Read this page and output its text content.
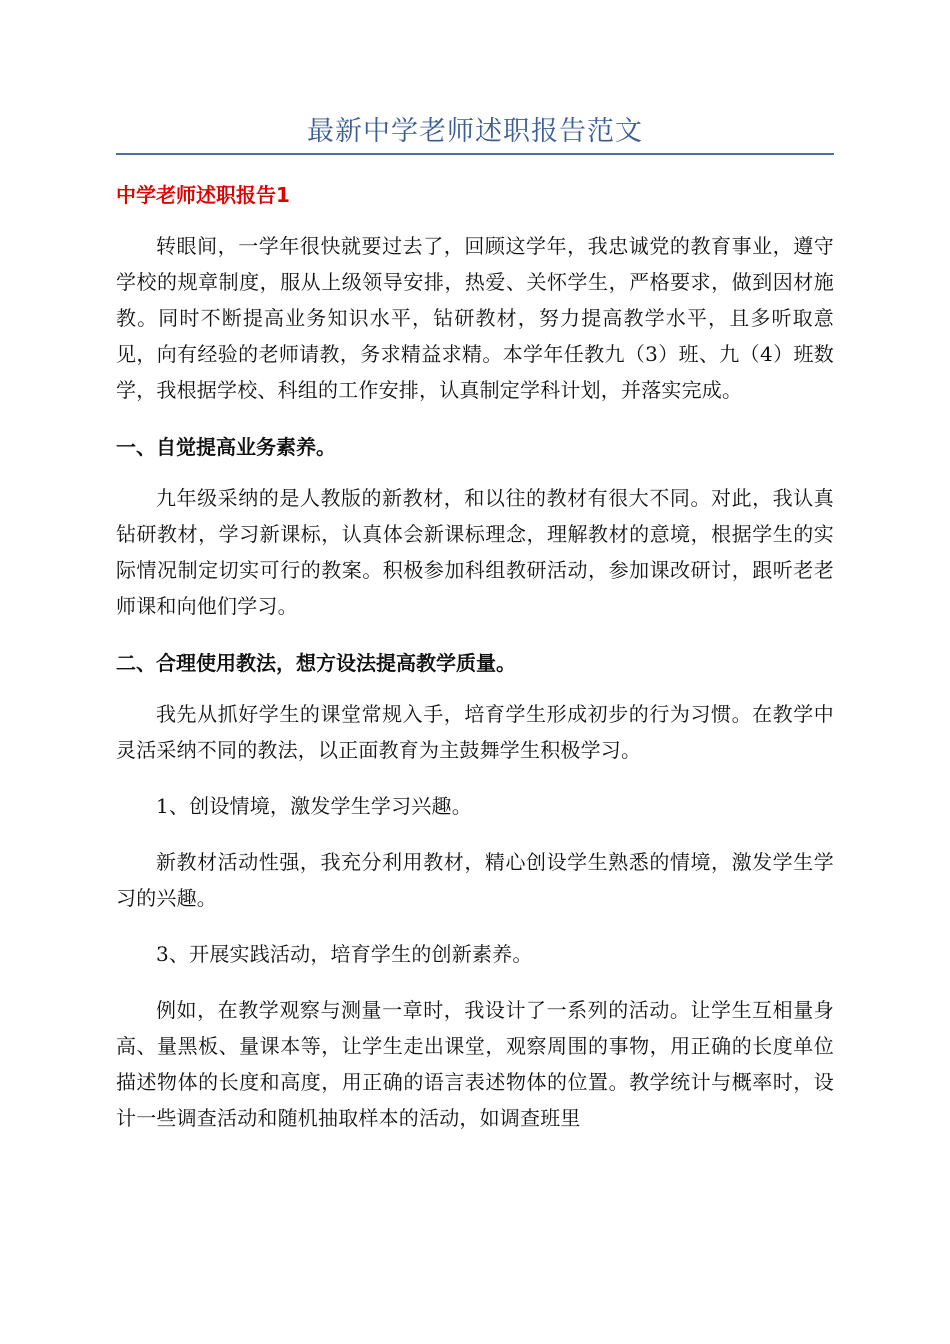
最新中学老师述职报告范文

中学老师述职报告1

转眼间，一学年很快就要过去了，回顾这学年，我忠诚党的教育事业，遵守学校的规章制度，服从上级领导安排，热爱、关怀学生，严格要求，做到因材施教。同时不断提高业务知识水平，钻研教材，努力提高教学水平，且多听取意见，向有经验的老师请教，务求精益求精。本学年任教九（3）班、九（4）班数学，我根据学校、科组的工作安排，认真制定学科计划，并落实完成。

一、自觉提高业务素养。

九年级采纳的是人教版的新教材，和以往的教材有很大不同。对此，我认真钻研教材，学习新课标，认真体会新课标理念，理解教材的意境，根据学生的实际情况制定切实可行的教案。积极参加科组教研活动，参加课改研讨，跟听老老师课和向他们学习。

二、合理使用教法，想方设法提高教学质量。

我先从抓好学生的课堂常规入手，培育学生形成初步的行为习惯。在教学中灵活采纳不同的教法，以正面教育为主鼓舞学生积极学习。

1、创设情境，激发学生学习兴趣。

新教材活动性强，我充分利用教材，精心创设学生熟悉的情境，激发学生学习的兴趣。

3、开展实践活动，培育学生的创新素养。

例如，在教学观察与测量一章时，我设计了一系列的活动。让学生互相量身高、量黑板、量课本等，让学生走出课堂，观察周围的事物，用正确的长度单位描述物体的长度和高度，用正确的语言表述物体的位置。教学统计与概率时，设计一些调查活动和随机抽取样本的活动，如调查班里
